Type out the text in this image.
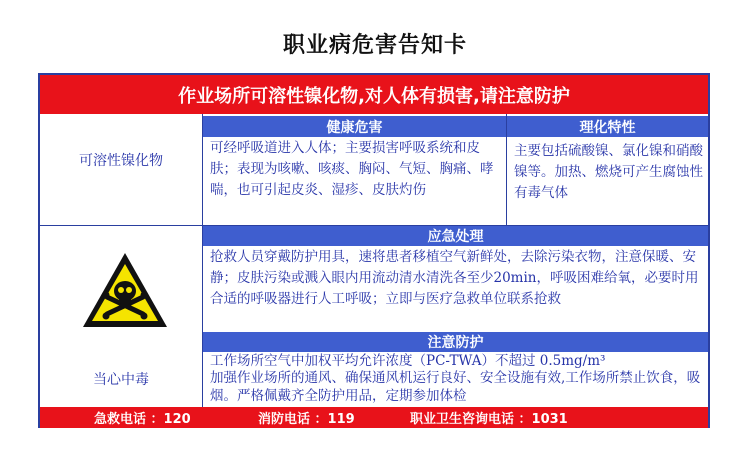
职业病危害告知卡
作业场所可溶性镍化物,对人体有损害,请注意防护
健康危害	理化特性
可溶性镍化物
可经呼吸道进入人体；主要损害呼吸系统和皮肤；表现为咳嗽、咳痰、胸闷、气短、胸痛、哮喘，也可引起皮炎、湿疹、皮肤灼伤
主要包括硫酸镍、氯化镍和硝酸镍等。加热、燃烧可产生腐蚀性有毒气体
当心中毒
应急处理
抢救人员穿戴防护用具，速将患者移植空气新鲜处，去除污染衣物，注意保暖、安静；皮肤污染或溅入眼内用流动清水清洗各至少20min，呼吸困难给氧，必要时用合适的呼吸器进行人工呼吸；立即与医疗急救单位联系抢救
注意防护
工作场所空气中加权平均允许浓度（PC-TWA）不超过 0.5mg/m³
加强作业场所的通风、确保通风机运行良好、安全设施有效,工作场所禁止饮食，吸烟。严格佩戴齐全防护用品，定期参加体检
急救电话 ：120	消防电话 ：119	职业卫生咨询电话 ：1031
